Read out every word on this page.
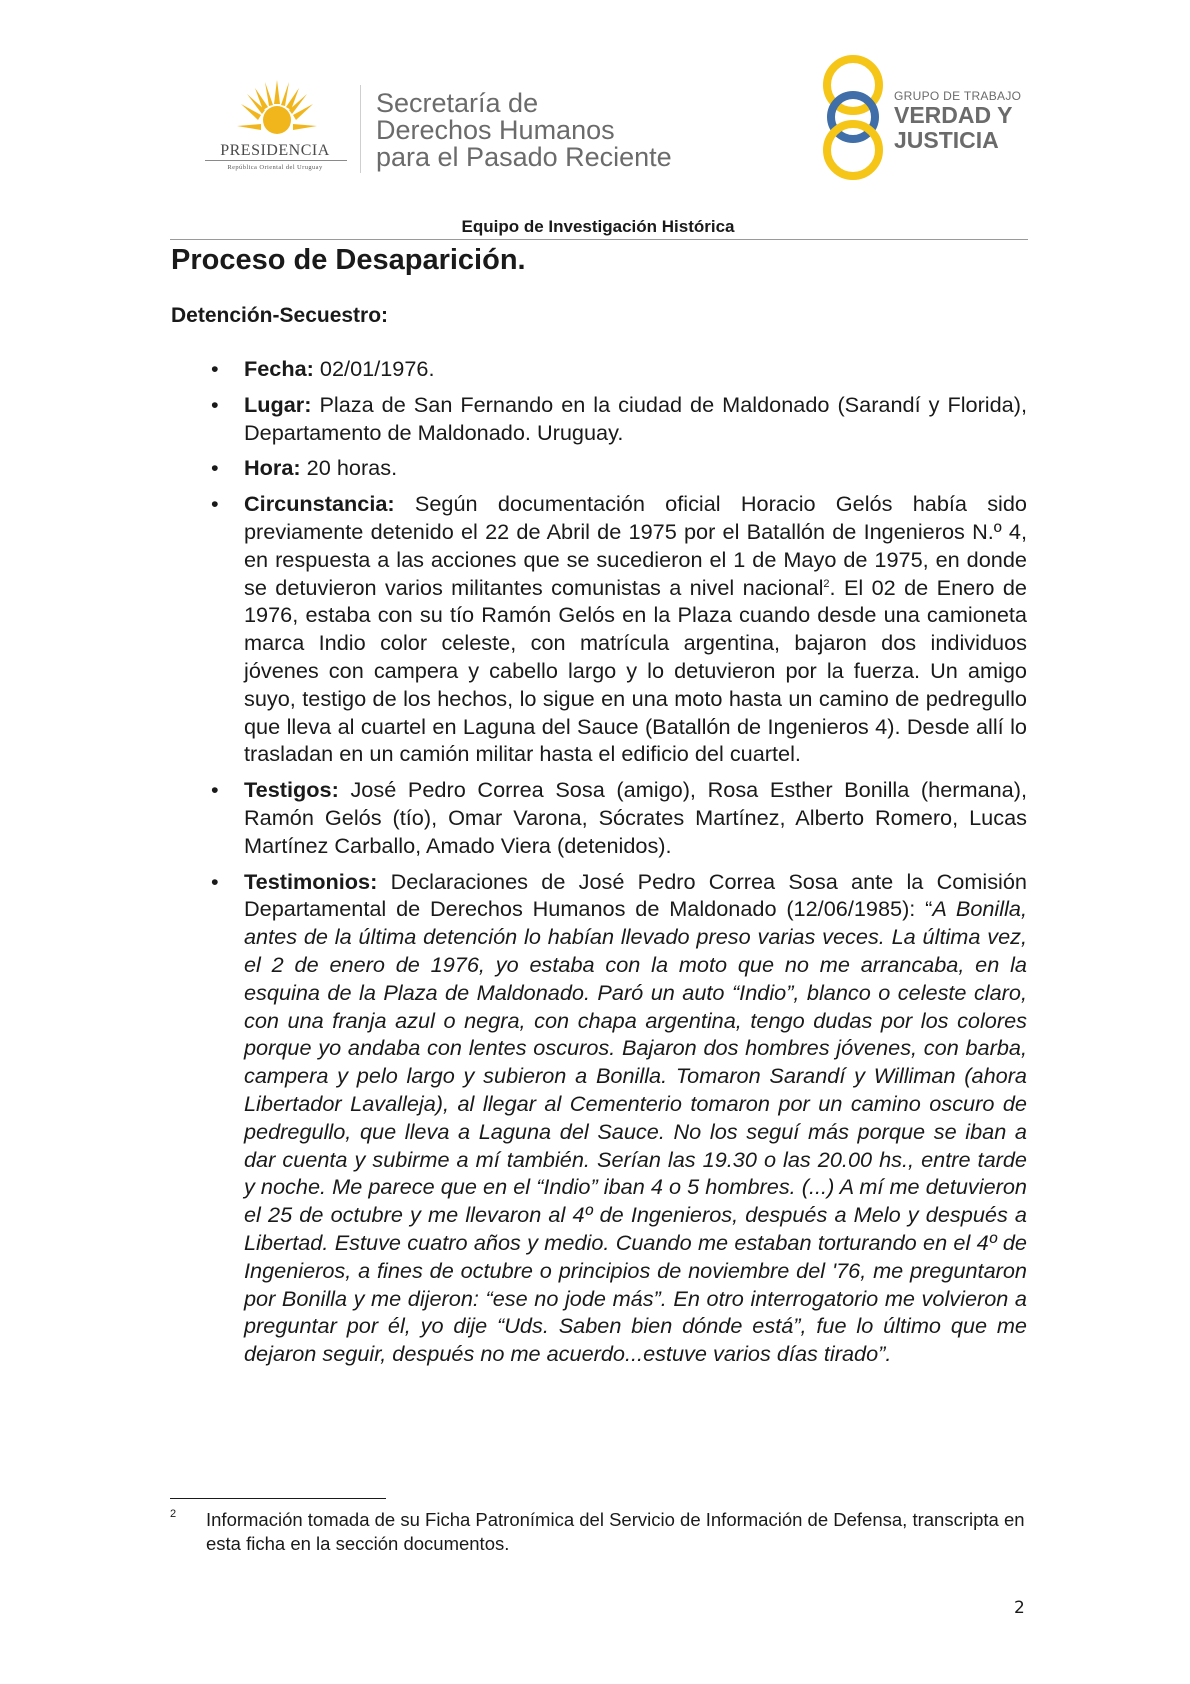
PRESIDENCIA
República Oriental del Uruguay
Secretaría de
Derechos Humanos
para el Pasado Reciente
GRUPO DE TRABAJO
VERDAD Y
JUSTICIA
Equipo de Investigación Histórica
Proceso de Desaparición.
Detención-Secuestro:
• Fecha: 02/01/1976.
• Lugar: Plaza de San Fernando en la ciudad de Maldonado (Sarandí y Florida), Departamento de Maldonado. Uruguay.
• Hora: 20 horas.
• Circunstancia: Según documentación oficial Horacio Gelós había sido previamente detenido el 22 de Abril de 1975 por el Batallón de Ingenieros N.º 4, en respuesta a las acciones que se sucedieron el 1 de Mayo de 1975, en donde se detuvieron varios militantes comunistas a nivel nacional$^2$. El 02 de Enero de 1976, estaba con su tío Ramón Gelós en la Plaza cuando desde una camioneta marca Indio color celeste, con matrícula argentina, bajaron dos individuos jóvenes con campera y cabello largo y lo detuvieron por la fuerza. Un amigo suyo, testigo de los hechos, lo sigue en una moto hasta un camino de pedregullo que lleva al cuartel en Laguna del Sauce (Batallón de Ingenieros 4). Desde allí lo trasladan en un camión militar hasta el edificio del cuartel.
• Testigos: José Pedro Correa Sosa (amigo), Rosa Esther Bonilla (hermana), Ramón Gelós (tío), Omar Varona, Sócrates Martínez, Alberto Romero, Lucas Martínez Carballo, Amado Viera (detenidos).
• Testimonios: Declaraciones de José Pedro Correa Sosa ante la Comisión Departamental de Derechos Humanos de Maldonado (12/06/1985): “A Bonilla, antes de la última detención lo habían llevado preso varias veces. La última vez, el 2 de enero de 1976, yo estaba con la moto que no me arrancaba, en la esquina de la Plaza de Maldonado. Paró un auto “Indio”, blanco o celeste claro, con una franja azul o negra, con chapa argentina, tengo dudas por los colores porque yo andaba con lentes oscuros. Bajaron dos hombres jóvenes, con barba, campera y pelo largo y subieron a Bonilla. Tomaron Sarandí y Williman (ahora Libertador Lavalleja), al llegar al Cementerio tomaron por un camino oscuro de pedregullo, que lleva a Laguna del Sauce. No los seguí más porque se iban a dar cuenta y subirme a mí también. Serían las 19.30 o las 20.00 hs., entre tarde y noche. Me parece que en el “Indio” iban 4 o 5 hombres. (...) A mí me detuvieron el 25 de octubre y me llevaron al 4º de Ingenieros, después a Melo y después a Libertad. Estuve cuatro años y medio. Cuando me estaban torturando en el 4º de Ingenieros, a fines de octubre o principios de noviembre del '76, me preguntaron por Bonilla y me dijeron: “ese no jode más”. En otro interrogatorio me volvieron a preguntar por él, yo dije “Uds. Saben bien dónde está”, fue lo último que me dejaron seguir, después no me acuerdo...estuve varios días tirado”.
2 Información tomada de su Ficha Patronímica del Servicio de Información de Defensa, transcripta en esta ficha en la sección documentos.
2
